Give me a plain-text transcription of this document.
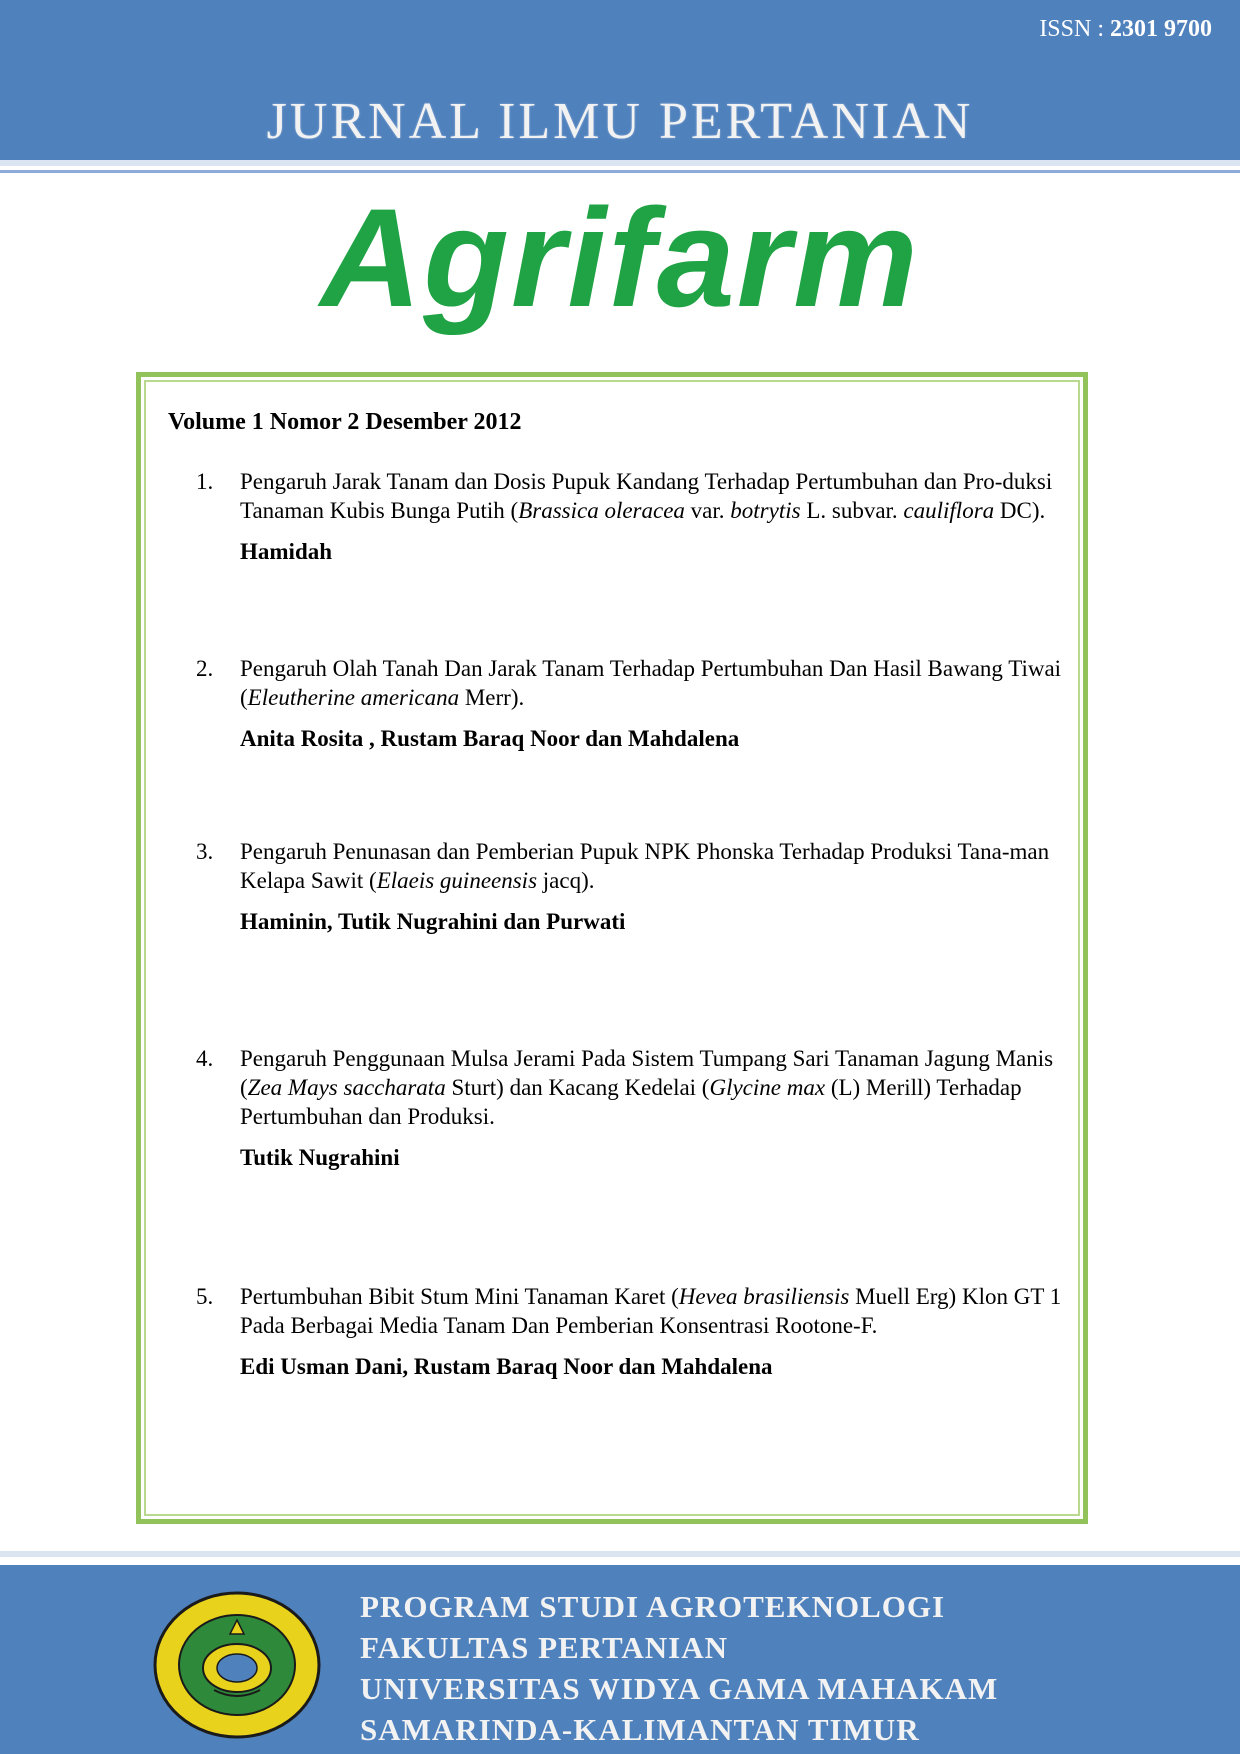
ISSN : 2301 9700
JURNAL ILMU PERTANIAN
Agrifarm
Volume 1 Nomor 2 Desember 2012
1. Pengaruh Jarak Tanam dan Dosis Pupuk Kandang Terhadap Pertumbuhan dan Pro-duksi Tanaman Kubis Bunga Putih (Brassica oleracea var. botrytis L. subvar. cauliflora DC).
Hamidah
2. Pengaruh Olah Tanah Dan Jarak Tanam Terhadap Pertumbuhan Dan Hasil Bawang Tiwai (Eleutherine americana Merr).
Anita Rosita , Rustam Baraq Noor dan Mahdalena
3. Pengaruh Penunasan dan Pemberian Pupuk NPK Phonska Terhadap Produksi Tana-man Kelapa Sawit (Elaeis guineensis jacq).
Haminin, Tutik Nugrahini dan Purwati
4. Pengaruh Penggunaan Mulsa Jerami Pada Sistem Tumpang Sari Tanaman Jagung Manis (Zea Mays saccharata Sturt) dan Kacang Kedelai (Glycine max (L) Merill) Terhadap Pertumbuhan dan Produksi.
Tutik Nugrahini
5. Pertumbuhan Bibit Stum Mini Tanaman Karet (Hevea brasiliensis Muell Erg) Klon GT 1 Pada Berbagai Media Tanam Dan Pemberian Konsentrasi Rootone-F.
Edi Usman Dani, Rustam Baraq Noor dan Mahdalena
PROGRAM STUDI AGROTEKNOLOGI
FAKULTAS PERTANIAN
UNIVERSITAS WIDYA GAMA MAHAKAM
SAMARINDA-KALIMANTAN TIMUR
